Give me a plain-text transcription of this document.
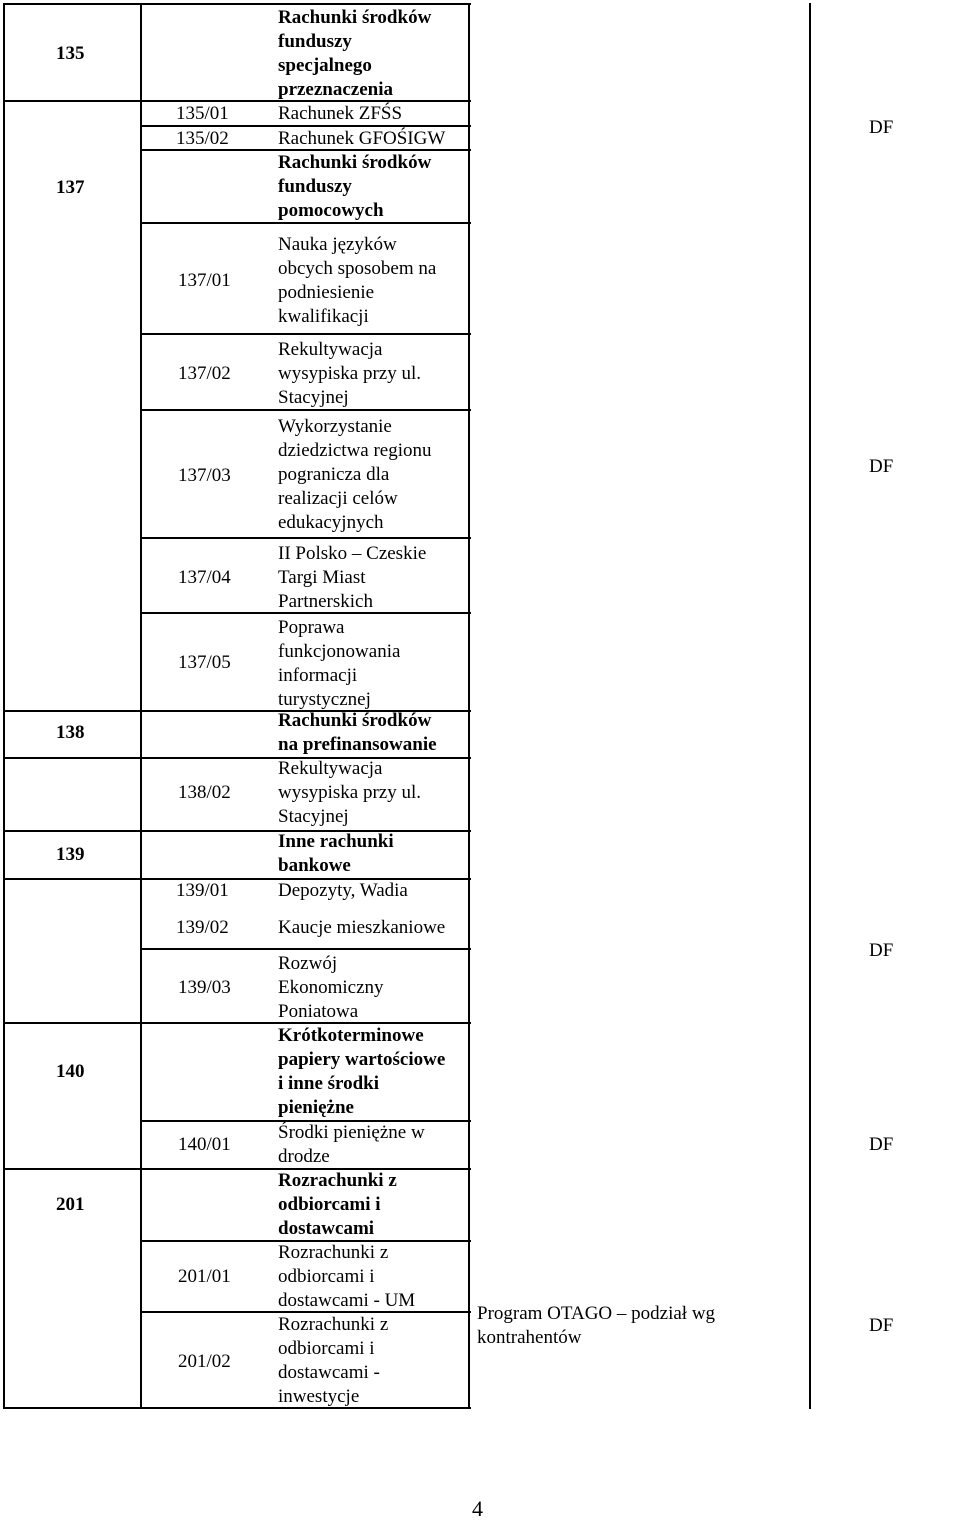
135
137
138
139
140
201
135/01
135/02
137/01
137/02
137/03
137/04
137/05
138/02
139/01
139/02
139/03
140/01
201/01
201/02
Rachunki środków
funduszy
specjalnego
przeznaczenia
Rachunek ZFŚS
Rachunek GFOŚIGW
Rachunki środków
funduszy
pomocowych
Nauka języków
obcych sposobem na
podniesienie
kwalifikacji
Rekultywacja
wysypiska przy ul.
Stacyjnej
Wykorzystanie
dziedzictwa regionu
pogranicza dla
realizacji celów
edukacyjnych
II Polsko – Czeskie
Targi Miast
Partnerskich
Poprawa
funkcjonowania
informacji
turystycznej
Rachunki środków
na prefinansowanie
Rekultywacja
wysypiska przy ul.
Stacyjnej
Inne rachunki
bankowe
Depozyty, Wadia
Kaucje mieszkaniowe
Rozwój
Ekonomiczny
Poniatowa
Krótkoterminowe
papiery wartościowe
i inne środki
pieniężne
Środki pieniężne w
drodze
Rozrachunki z
odbiorcami i
dostawcami
Rozrachunki z
odbiorcami i
dostawcami - UM
Rozrachunki z
odbiorcami i
dostawcami -
inwestycje
Program OTAGO – podział wg
kontrahentów
DF
DF
DF
DF
DF
4
